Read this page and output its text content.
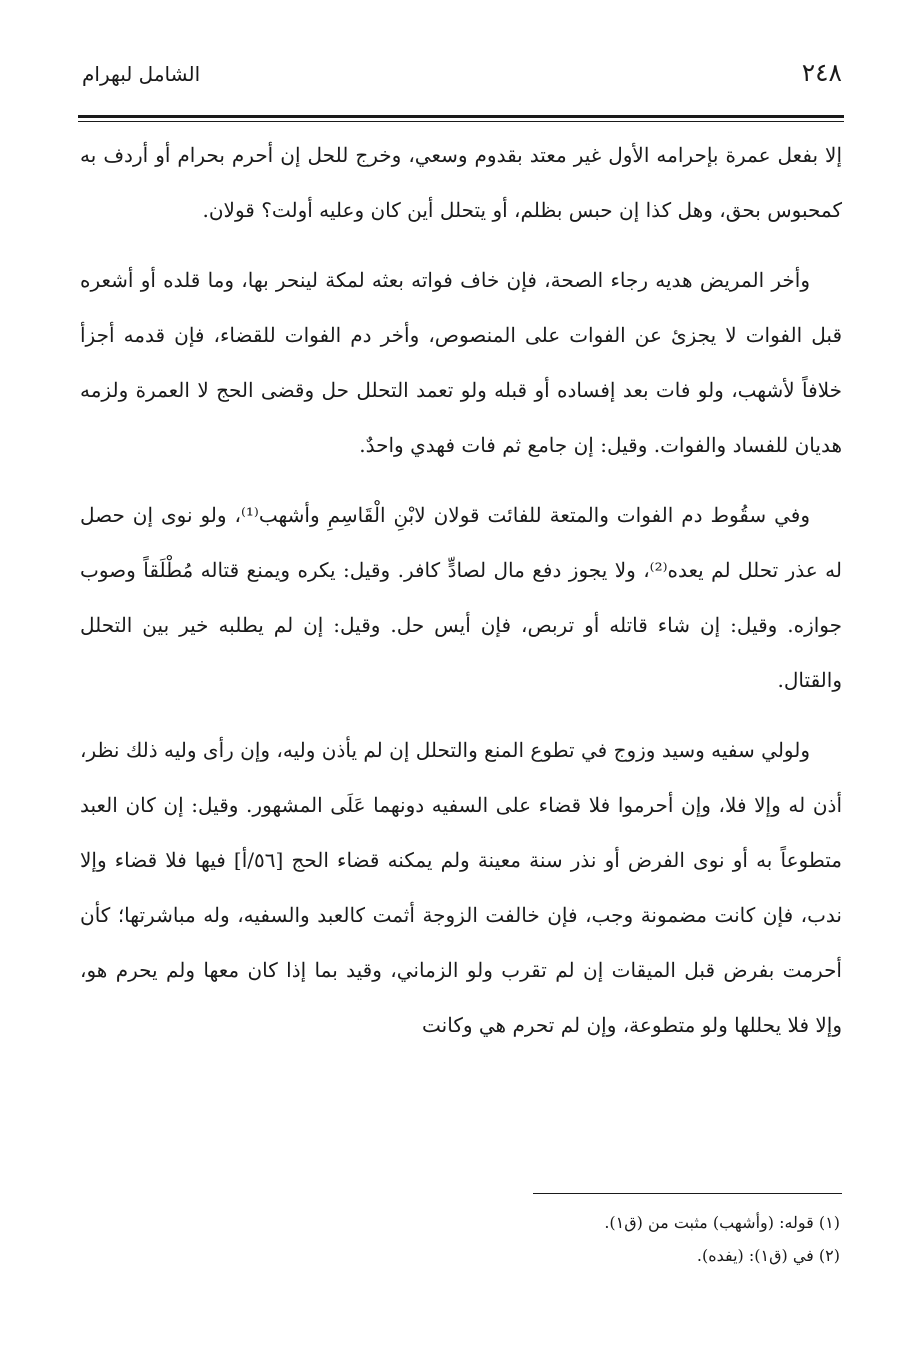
٢٤٨
الشامل لبهرام

إلا بفعل عمرة بإحرامه الأول غير معتد بقدوم وسعي، وخرج للحل إن أحرم بحرام أو أردف به كمحبوس بحق، وهل كذا إن حبس بظلم، أو يتحلل أين كان وعليه أولت؟ قولان.

وأخر المريض هديه رجاء الصحة، فإن خاف فواته بعثه لمكة لينحر بها، وما قلده أو أشعره قبل الفوات لا يجزئ عن الفوات على المنصوص، وأخر دم الفوات للقضاء، فإن قدمه أجزأ خلافاً لأشهب، ولو فات بعد إفساده أو قبله ولو تعمد التحلل حل وقضى الحج لا العمرة ولزمه هديان للفساد والفوات. وقيل: إن جامع ثم فات فهدي واحدٌ.

وفي سقُوط دم الفوات والمتعة للفائت قولان لابْنِ الْقَاسِمِ وأشهب⁽¹⁾، ولو نوى إن حصل له عذر تحلل لم يعده⁽²⁾، ولا يجوز دفع مال لصادٍّ كافر. وقيل: يكره ويمنع قتاله مُطْلَقاً وصوب جوازه. وقيل: إن شاء قاتله أو تربص، فإن أيس حل. وقيل: إن لم يطلبه خير بين التحلل والقتال.

ولولي سفيه وسيد وزوج في تطوع المنع والتحلل إن لم يأذن وليه، وإن رأى وليه ذلك نظر، أذن له وإلا فلا، وإن أحرموا فلا قضاء على السفيه دونهما عَلَى المشهور. وقيل: إن كان العبد متطوعاً به أو نوى الفرض أو نذر سنة معينة ولم يمكنه قضاء الحج [٥٦/أ] فيها فلا قضاء وإلا ندب، فإن كانت مضمونة وجب، فإن خالفت الزوجة أثمت كالعبد والسفيه، وله مباشرتها؛ كأن أحرمت بفرض قبل الميقات إن لم تقرب ولو الزماني، وقيد بما إذا كان معها ولم يحرم هو، وإلا فلا يحللها ولو متطوعة، وإن لم تحرم هي وكانت

(١) قوله: (وأشهب) مثبت من (ق١).
(٢) في (ق١): (يفده).
